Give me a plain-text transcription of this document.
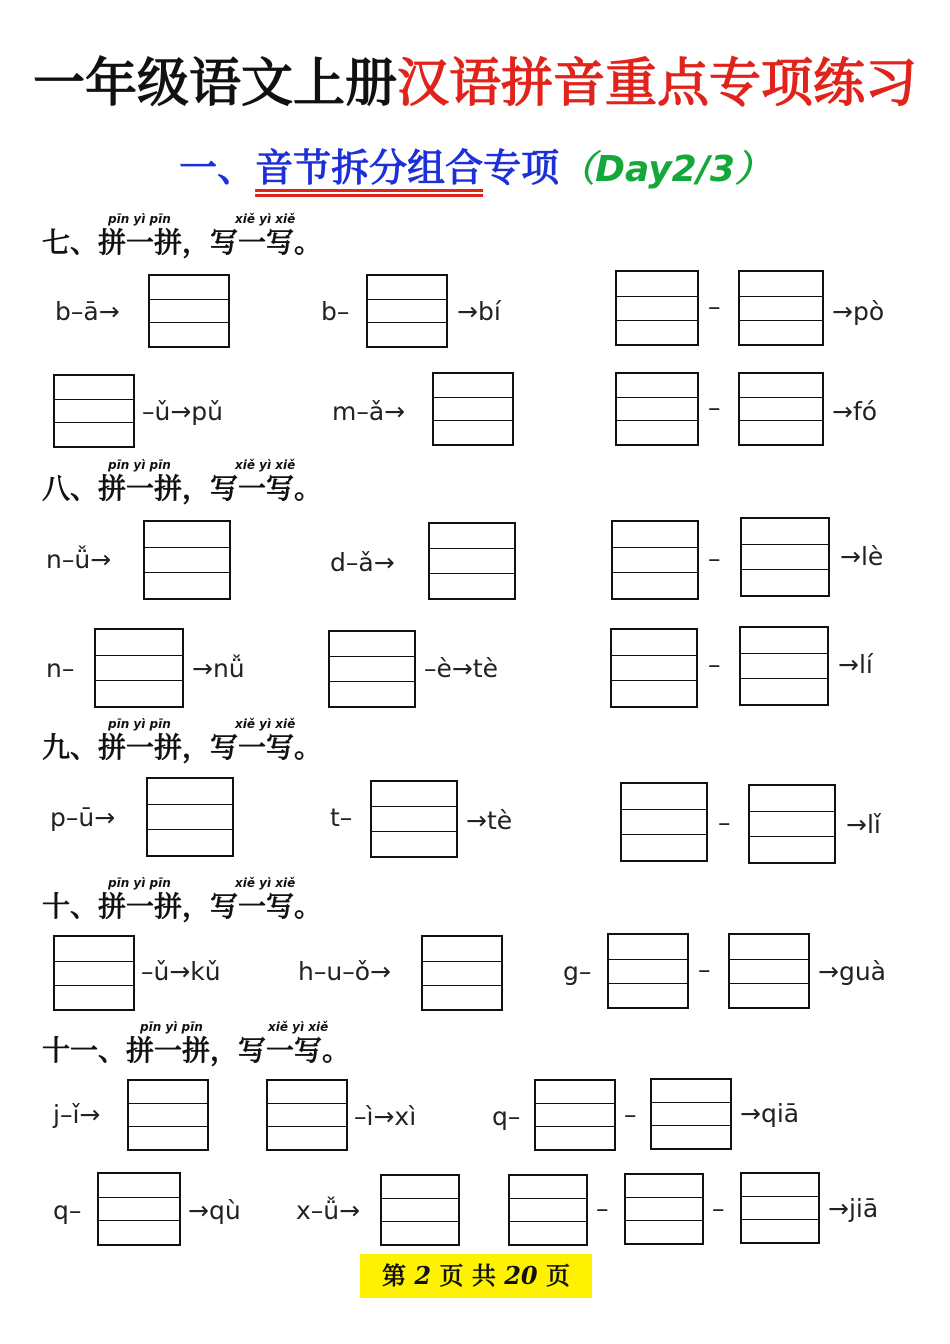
一年级语文上册汉语拼音重点专项练习
一、音节拆分组合专项（Day2/3）
pīn yì pīn	xiě yì xiě
七、拼一拼，写一写。
b–ā→	b–	→bí	–	→pò
–ǔ→pǔ	m–ǎ→	–	→fó
pīn yì pīn	xiě yì xiě
八、拼一拼，写一写。
n–ǚ→	d–ǎ→	–	→lè
n–	→nǚ	–è→tè	–	→lí
pīn yì pīn	xiě yì xiě
九、拼一拼，写一写。
p–ū→	t–	→tè	–	→lǐ
pīn yì pīn	xiě yì xiě
十、拼一拼，写一写。
–ǔ→kǔ	h–u–ǒ→	g–	–	→guà
pīn yì pīn	xiě yì xiě
十一、拼一拼，写一写。
j–ǐ→	–ì→xì	q–	–	→qiā
q–	→qù x–ǚ→	–	–	→jiā
第 2 页 共 20 页
